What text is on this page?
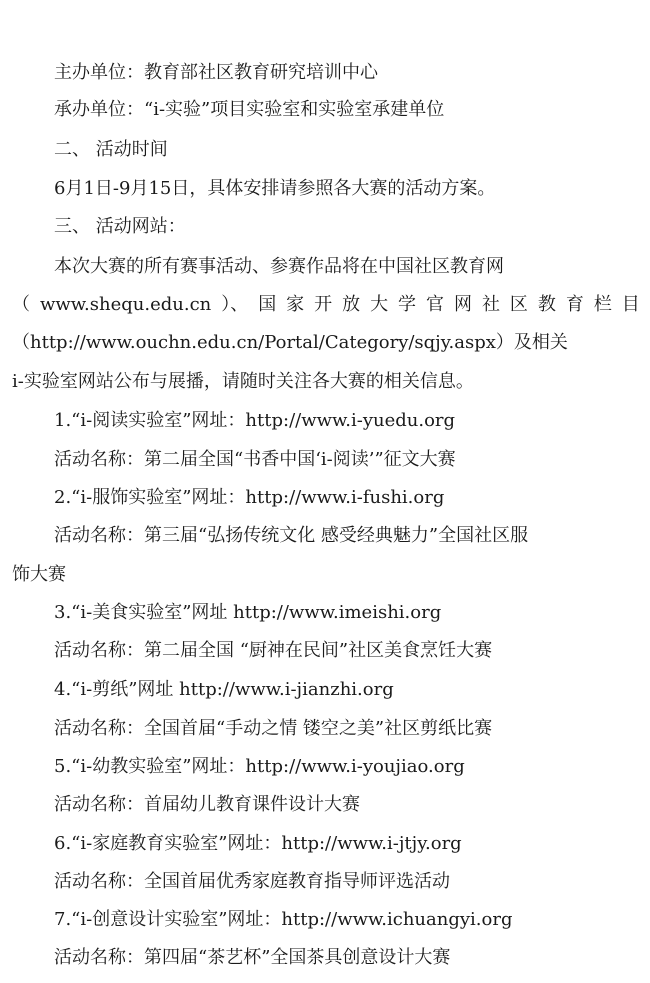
主办单位：教育部社区教育研究培训中心
承办单位：“i-实验”项目实验室和实验室承建单位
二、 活动时间
6月1日-9月15日，具体安排请参照各大赛的活动方案。
三、 活动网站：
本次大赛的所有赛事活动、参赛作品将在中国社区教育网
（ www.shequ.edu.cn ）、 国 家 开 放 大 学 官 网 社 区 教 育 栏 目
（http://www.ouchn.edu.cn/Portal/Category/sqjy.aspx）及相关
i-实验室网站公布与展播，请随时关注各大赛的相关信息。
1.“i-阅读实验室”网址：http://www.i-yuedu.org
活动名称：第二届全国“书香中国‘i-阅读’”征文大赛
2.“i-服饰实验室”网址：http://www.i-fushi.org
活动名称：第三届“弘扬传统文化 感受经典魅力”全国社区服
饰大赛
3.“i-美食实验室”网址 http://www.imeishi.org
活动名称：第二届全国 “厨神在民间”社区美食烹饪大赛
4.“i-剪纸”网址 http://www.i-jianzhi.org
活动名称：全国首届“手动之情 镂空之美”社区剪纸比赛
5.“i-幼教实验室”网址：http://www.i-youjiao.org
活动名称：首届幼儿教育课件设计大赛
6.“i-家庭教育实验室”网址：http://www.i-jtjy.org
活动名称：全国首届优秀家庭教育指导师评选活动
7.“i-创意设计实验室”网址：http://www.ichuangyi.org
活动名称：第四届“茶艺杯”全国茶具创意设计大赛
